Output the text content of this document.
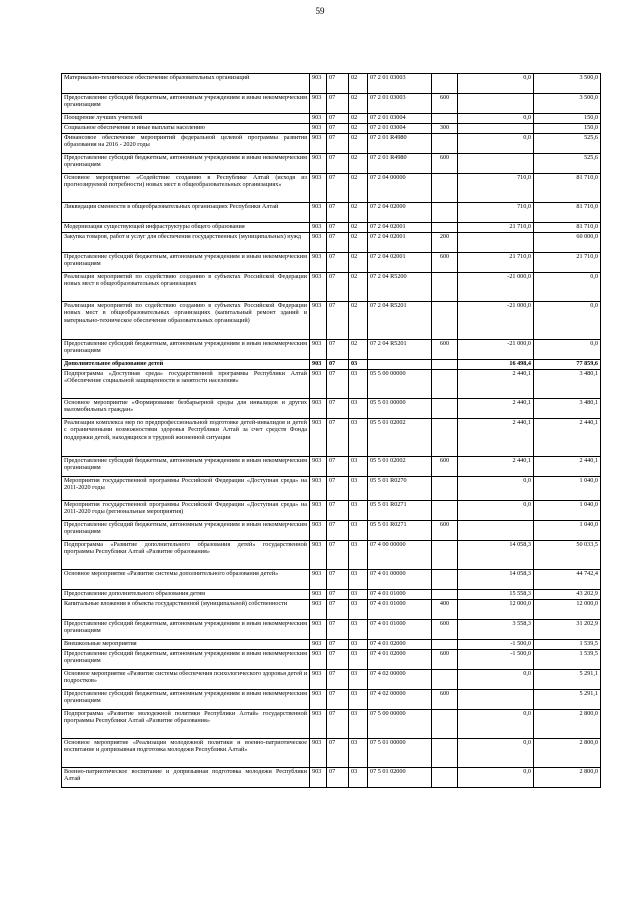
59
Материально-техническое обеспечение образовательных организаций	903	07	02	07 2 01 03003		0,0	3 500,0
Предоставление субсидий бюджетным, автономным учреждениям и иным некоммерческим организациям	903	07	02	07 2 01 03003	600		3 500,0
Поощрение лучших учителей	903	07	02	07 2 01 03004		0,0	150,0
Социальное обеспечение и иные выплаты населению	903	07	02	07 2 01 03004	300		150,0
Финансовое обеспечение мероприятий федеральной целевой программы развития образования на 2016 - 2020 годы	903	07	02	07 2 01 R4980		0,0	525,6
Предоставление субсидий бюджетным, автономным учреждениям и иным некоммерческим организациям	903	07	02	07 2 01 R4980	600		525,6
Основное мероприятие «Содействие созданию в Республике Алтай (исходя из прогнозируемой потребности) новых мест в общеобразовательных организациях»	903	07	02	07 2 04 00000		710,0	81 710,0
Ликвидация сменности в общеобразовательных организациях Республики Алтай	903	07	02	07 2 04 02000		710,0	81 710,0
Модернизация существующей инфраструктуры общего образования	903	07	02	07 2 04 02001		21 710,0	81 710,0
Закупка товаров, работ и услуг для обеспечения государственных (муниципальных) нужд	903	07	02	07 2 04 02001	200		60 000,0
Предоставление субсидий бюджетным, автономным учреждениям и иным некоммерческим организациям	903	07	02	07 2 04 02001	600	21 710,0	21 710,0
Реализация мероприятий по содействию созданию в субъектах Российской Федерации новых мест в общеобразовательных организациях	903	07	02	07 2 04 R5200		-21 000,0	0,0
Реализация мероприятий по содействию созданию в субъектах Российской Федерации новых мест в общеобразовательных организациях (капитальный ремонт зданий и материально-техническое обеспечение образовательных организаций)	903	07	02	07 2 04 R5201		-21 000,0	0,0
Предоставление субсидий бюджетным, автономным учреждениям и иным некоммерческим организациям	903	07	02	07 2 04 R5201	600	-21 000,0	0,0
Дополнительное образование детей	903	07	03			16 498,4	77 859,6
Подпрограмма «Доступная среда» государственной программы Республики Алтай «Обеспечение социальной защищенности и занятости населения»	903	07	03	05 5 00 00000		2 440,1	3 480,1
Основное мероприятие «Формирование безбарьерной среды для инвалидов и других маломобильных граждан»	903	07	03	05 5 01 00000		2 440,1	3 480,1
Реализация комплекса мер по предпрофессиональной подготовке детей-инвалидов и детей с ограниченными возможностями здоровья Республики Алтай за счет средств Фонда поддержки детей, находящихся в трудной жизненной ситуации	903	07	03	05 5 01 02002		2 440,1	2 440,1
Предоставление субсидий бюджетным, автономным учреждениям и иным некоммерческим организациям	903	07	03	05 5 01 02002	600	2 440,1	2 440,1
Мероприятия государственной программы Российской Федерации «Доступная среда» на 2011-2020 годы	903	07	03	05 5 01 R0270		0,0	1 040,0
Мероприятия государственной программы Российской Федерации «Доступная среда» на 2011-2020 годы (региональные мероприятия)	903	07	03	05 5 01 R0271		0,0	1 040,0
Предоставление субсидий бюджетным, автономным учреждениям и иным некоммерческим организациям	903	07	03	05 5 01 R0271	600		1 040,0
Подпрограмма «Развитие дополнительного образования детей» государственной программы Республики Алтай «Развитие образования»	903	07	03	07 4 00 00000		14 058,3	50 033,5
Основное мероприятие «Развитие системы дополнительного образования детей»	903	07	03	07 4 01 00000		14 058,3	44 742,4
Предоставление дополнительного образования детям	903	07	03	07 4 01 01000		15 558,3	43 202,9
Капитальные вложения в объекты государственной (муниципальной) собственности	903	07	03	07 4 01 01000	400	12 000,0	12 000,0
Предоставление субсидий бюджетным, автономным учреждениям и иным некоммерческим организациям	903	07	03	07 4 01 01000	600	3 558,3	31 202,9
Внешкольные мероприятия	903	07	03	07 4 01 02000		-1 500,0	1 539,5
Предоставление субсидий бюджетным, автономным учреждениям и иным некоммерческим организациям	903	07	03	07 4 01 02000	600	-1 500,0	1 539,5
Основное мероприятие «Развитие системы обеспечения психологического здоровья детей и подростков»	903	07	03	07 4 02 00000		0,0	5 291,1
Предоставление субсидий бюджетным, автономным учреждениям и иным некоммерческим организациям	903	07	03	07 4 02 00000	600		5 291,1
Подпрограмма «Развитие молодежной политики Республики Алтай» государственной программы Республики Алтай «Развитие образования»	903	07	03	07 5 00 00000		0,0	2 800,0
Основное мероприятие «Реализация молодежной политики и военно-патриотическое воспитание и допризывная подготовка молодежи Республики Алтай»	903	07	03	07 5 01 00000		0,0	2 800,0
Военно-патриотическое воспитание и допризывная подготовка молодежи Республики Алтай	903	07	03	07 5 01 02000		0,0	2 800,0
